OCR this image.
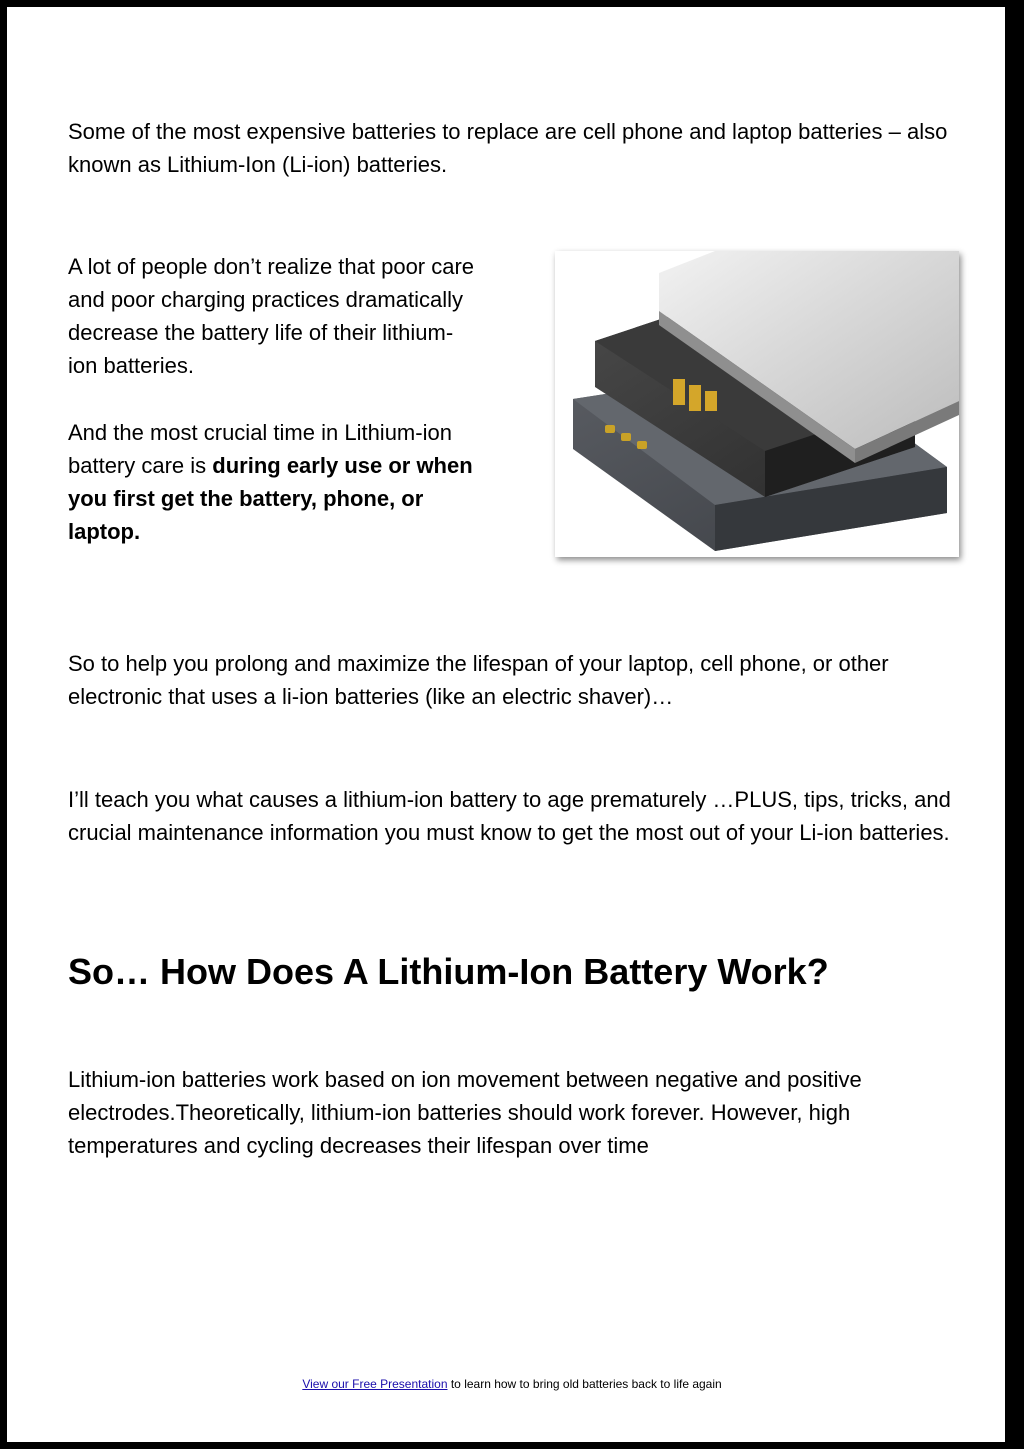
Some of the most expensive batteries to replace are cell phone and laptop batteries – also known as Lithium-Ion (Li-ion) batteries.

A lot of people don’t realize that poor care and poor charging practices dramatically decrease the battery life of their lithium-ion batteries.

And the most crucial time in Lithium-ion battery care is during early use or when you first get the battery, phone, or laptop.

So to help you prolong and maximize the lifespan of your laptop, cell phone, or other electronic that uses a li-ion batteries (like an electric shaver)…

I’ll teach you what causes a lithium-ion battery to age prematurely …PLUS, tips, tricks, and crucial maintenance information you must know to get the most out of your Li-ion batteries.

So… How Does A Lithium-Ion Battery Work?

Lithium-ion batteries work based on ion movement between negative and positive electrodes.Theoretically, lithium-ion batteries should work forever. However, high temperatures and cycling decreases their lifespan over time

View our Free Presentation to learn how to bring old batteries back to life again
